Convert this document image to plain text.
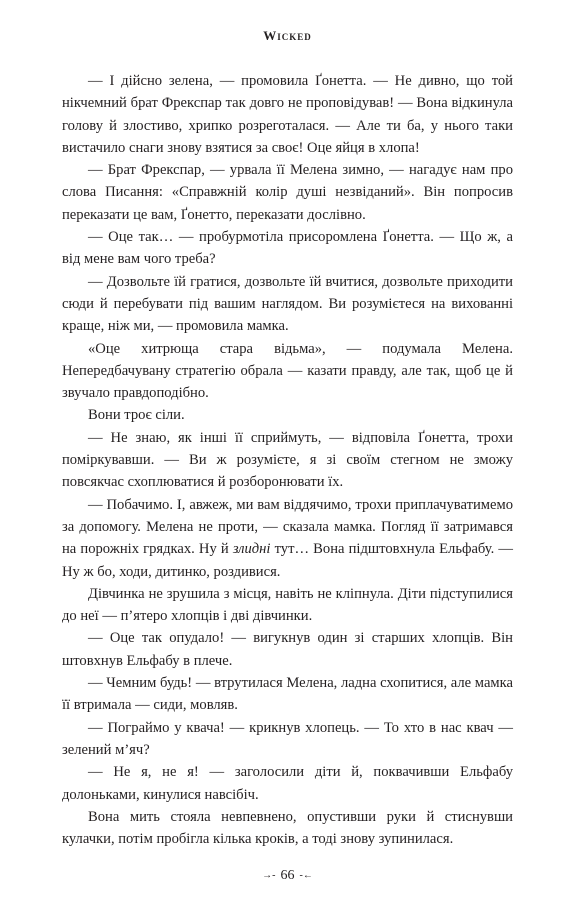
Wicked

— І дійсно зелена, — промовила Ґонетта. — Не дивно, що той нікчемний брат Фрекспар так довго не проповідував! — Вона відкинула голову й злостиво, хрипко розреготалася. — Але ти ба, у нього таки вистачило снаги знову взятися за своє! Оце яйця в хлопа!

— Брат Фрекспар, — урвала її Мелена зимно, — нагадує нам про слова Писання: «Справжній колір душі незвіданий». Він попросив переказати це вам, Ґонетто, переказати дослівно.

— Оце так… — пробурмотіла присоромлена Ґонетта. — Що ж, а від мене вам чого треба?

— Дозвольте їй гратися, дозвольте їй вчитися, дозвольте приходити сюди й перебувати під вашим наглядом. Ви розумієтеся на вихованні краще, ніж ми, — промовила мамка.

«Оце хитрюща стара відьма», — подумала Мелена. Непередбачувану стратегію обрала — казати правду, але так, щоб це й звучало правдоподібно.

Вони троє сіли.

— Не знаю, як інші її сприймуть, — відповіла Ґонетта, трохи поміркувавши. — Ви ж розумієте, я зі своїм стегном не зможу повсякчас схоплюватися й розборонювати їх.

— Побачимо. І, авжеж, ми вам віддячимо, трохи приплачуватимемо за допомогу. Мелена не проти, — сказала мамка. Погляд її затримався на порожніх грядках. Ну й злидні тут… Вона підштовхнула Ельфабу. — Ну ж бо, ходи, дитинко, роздивися.

Дівчинка не зрушила з місця, навіть не кліпнула. Діти підступилися до неї — п’ятеро хлопців і дві дівчинки.

— Оце так опудало! — вигукнув один зі старших хлопців. Він штовхнув Ельфабу в плече.

— Чемним будь! — втрутилася Мелена, ладна схопитися, але мамка її втримала — сиди, мовляв.

— Пограймо у квача! — крикнув хлопець. — То хто в нас квач — зелений м’яч?

— Не я, не я! — заголосили діти й, поквачивши Ельфабу долоньками, кинулися навсібіч.

Вона мить стояла невпевнено, опустивши руки й стиснувши кулачки, потім пробігла кілька кроків, а тоді знову зупинилася.

→- 66 -←
